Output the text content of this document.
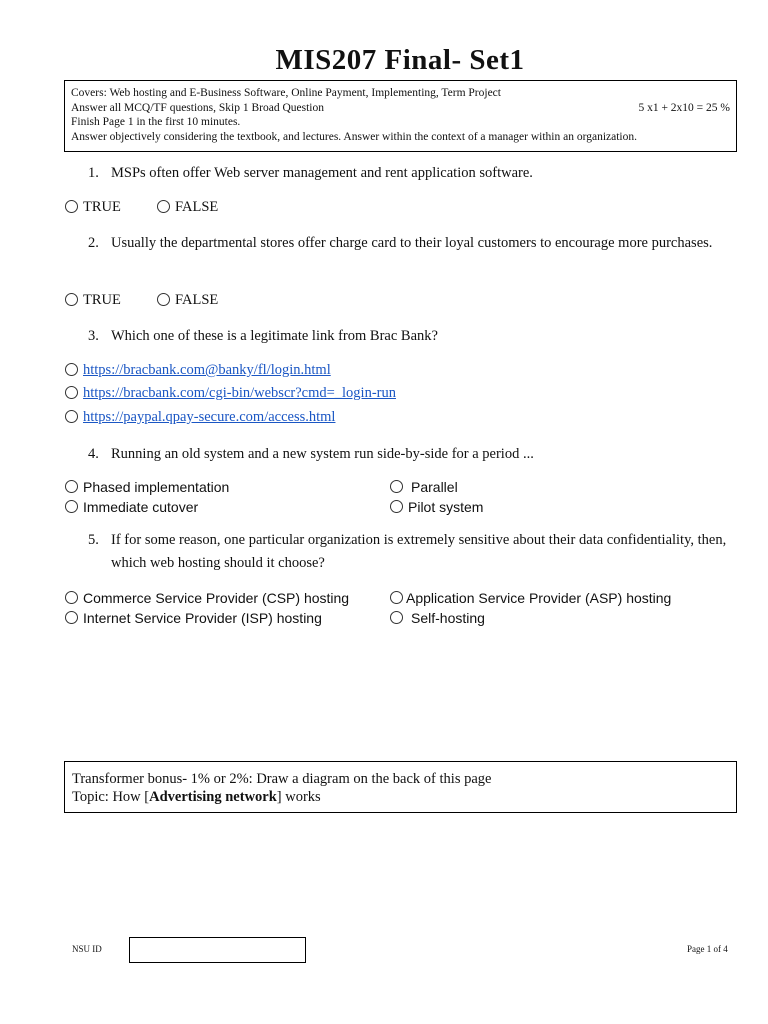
MIS207 Final- Set1
Covers: Web hosting and E-Business Software, Online Payment, Implementing, Term Project
Answer all MCQ/TF questions, Skip 1 Broad Question	5 x1 + 2x10 = 25 %
Finish Page 1 in the first 10 minutes.
Answer objectively considering the textbook, and lectures. Answer within the context of a manager within an organization.
1. MSPs often offer Web server management and rent application software.
TRUE	FALSE
2. Usually the departmental stores offer charge card to their loyal customers to encourage more purchases.
TRUE	FALSE
3. Which one of these is a legitimate link from Brac Bank?
https://bracbank.com@banky/fl/login.html
https://bracbank.com/cgi-bin/webscr?cmd=_login-run
https://paypal.qpay-secure.com/access.html
4. Running an old system and a new system run side-by-side for a period ...
Phased implementation	Parallel
Immediate cutover	Pilot system
5. If for some reason, one particular organization is extremely sensitive about their data confidentiality, then, which web hosting should it choose?
Commerce Service Provider (CSP) hosting	Application Service Provider (ASP) hosting
Internet Service Provider (ISP) hosting	Self-hosting
Transformer bonus- 1% or 2%: Draw a diagram on the back of this page
Topic: How [Advertising network] works
NSU ID	Page 1 of 4
